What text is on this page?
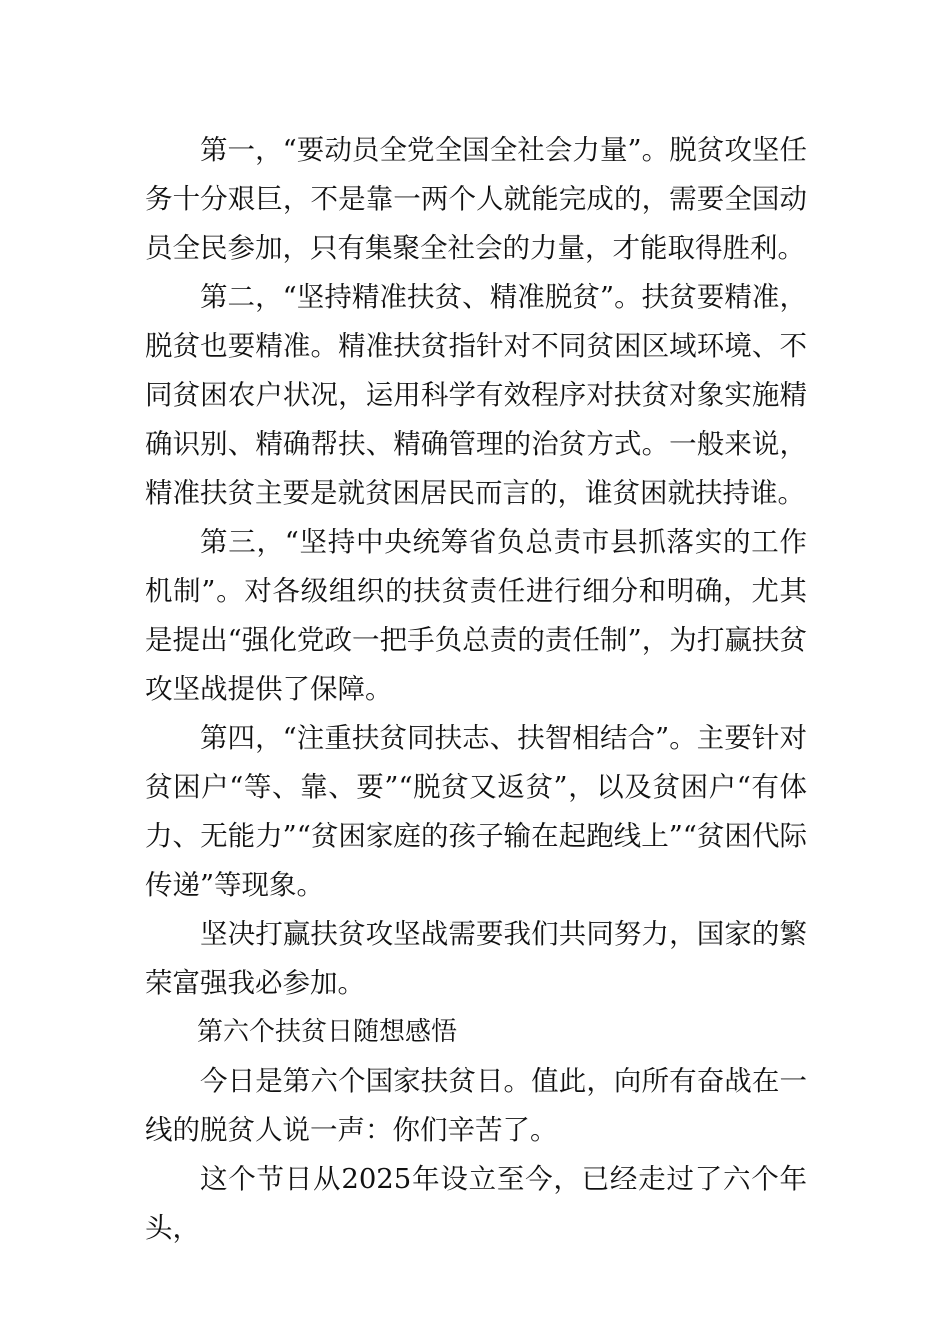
第一，“要动员全党全国全社会力量”。脱贫攻坚任务十分艰巨，不是靠一两个人就能完成的，需要全国动员全民参加，只有集聚全社会的力量，才能取得胜利。

第二，“坚持精准扶贫、精准脱贫”。扶贫要精准，脱贫也要精准。精准扶贫指针对不同贫困区域环境、不同贫困农户状况，运用科学有效程序对扶贫对象实施精确识别、精确帮扶、精确管理的治贫方式。一般来说，精准扶贫主要是就贫困居民而言的，谁贫困就扶持谁。

第三，“坚持中央统筹省负总责市县抓落实的工作机制”。对各级组织的扶贫责任进行细分和明确，尤其是提出“强化党政一把手负总责的责任制”，为打赢扶贫攻坚战提供了保障。

第四，“注重扶贫同扶志、扶智相结合”。主要针对贫困户“等、靠、要”“脱贫又返贫”，以及贫困户“有体力、无能力”“贫困家庭的孩子输在起跑线上”“贫困代际传递”等现象。

坚决打赢扶贫攻坚战需要我们共同努力，国家的繁荣富强我必参加。

第六个扶贫日随想感悟

今日是第六个国家扶贫日。值此，向所有奋战在一线的脱贫人说一声：你们辛苦了。

这个节日从2025年设立至今，已经走过了六个年头，
